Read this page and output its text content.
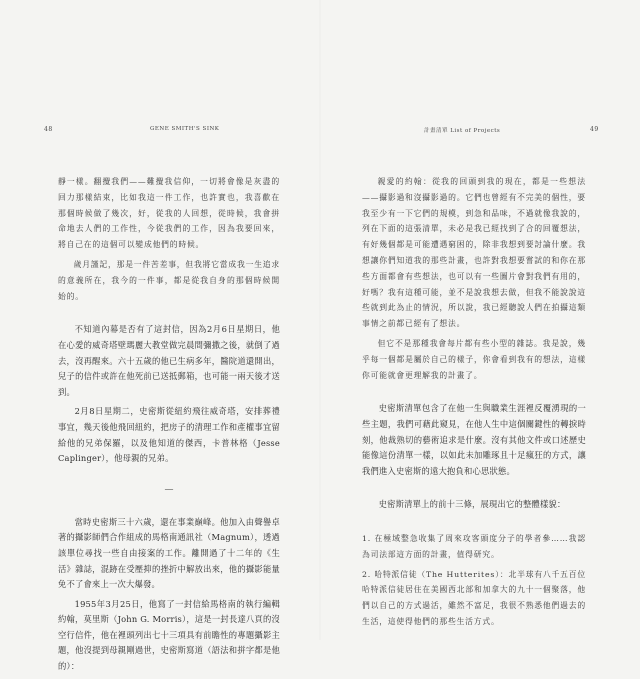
48	GENE SMITH'S SINK

靜一樣。翻攪我們——難攪我信仰，一切將會像是灰盡的回力那樣結束，比如我這一件工作，也許實也，我喜歡在那個時候做了幾次，好，從我的人回想，從時候，我會拼命地去人們的工作性，今從我們的工作，因為我要回來，將自己在的這個可以變成他們的時候。

歲月謹記，那是一件苦差事，但我將它當成我一生追求的意義所在，我今的一件事，都是從我自身的那個時候開始的。

不知道內幕是否有了這封信，因為2月6日星期日，他在心愛的威奇塔壁瑪麗大教堂做完晨間彌撒之後，就倒了過去，沒再醒來。六十五歲的他已生病多年，醫院道還開出，兒子的信件或許在他死前已送抵郵箱，也可能一兩天後才送到。

2月8日星期二，史密斯從紐約飛往威奇塔，安排葬禮事宜，幾天後他飛回紐約，把房子的清理工作和產權事宜留給他的兄弟保羅，以及他知道的傑西，卡普林格（Jesse Caplinger），他母親的兄弟。

—

當時史密斯三十六歲，還在事業巔峰。他加入由聲譽卓著的攝影師們合作組成的馬格南通訊社（Magnum），透過該單位尋找一些自由接案的工作。離開過了十二年的《生活》雜誌，混跡在受壓抑的挫折中解放出來，他的攝影能量免不了會來上一次大爆發。

1955年3月25日，他寫了一封信給馬格南的執行編輯約翰，莫里斯（John G. Morris），這是一封長達八頁的沒空行信件，他在裡頭列出七十三項具有前瞻性的專題攝影主題，他沒提到母親剛過世，史密斯寫道（語法和拼字都是他的）：

計畫清單 List of Projects	49

親愛的約翰：從我的回頭到我的現在，都是一些想法——攝影過和沒攝影過的。它們也曾經有不完美的個性，要我至少有一下它們的規模，到急和品味，不過就像我說的，列在下面的這張清單，未必是我已經找到了合的回覆想法，有好幾個都是可能遭遇窮困的，除非我想到要討論什麼。我想讓你們知道我的那些計畫，也許對我想要嘗試的和你在那些方面都會有些想法，也可以有一些圖片會對我們有用的，好嗎？我有這種可能，並不是說我想去做，但我不能說說這些就到此為止的情況，所以說，我已經聽說人們在拍攝這類事情之前都已經有了想法。

但它不是那種我會每片都有些小型的雜誌。我是說，幾乎每一個都是屬於自己的樣子，你會看到我有的想法，這樣你可能就會更理解我的計畫了。

史密斯清單包含了在他一生與職業生涯裡反覆湧現的一些主題，我們可藉此窺見，在他人生中這個關鍵性的轉捩時刻，他裁熟切的藝術追求是什麼。沒有其他文件或口述歷史能像這份清單一樣，以如此未加雕琢且十足瘋狂的方式，讓我們進入史密斯的遠大抱負和心思狀態。

史密斯清單上的前十三條，展現出它的整體樣貌：

1. 在極域整急收集了周來攻客頭度分子的學者參……我認為司法部這方面的計畫，值得研究。

2. 哈特派信徒（The Hutterites）：北半球有八千五百位哈特派信徒居住在美國西北部和加拿大的九十一個聚落，他們以自己的方式過活，雖然不富足，我很不熟悉他們過去的生活，這使得他們的那些生活方式。
